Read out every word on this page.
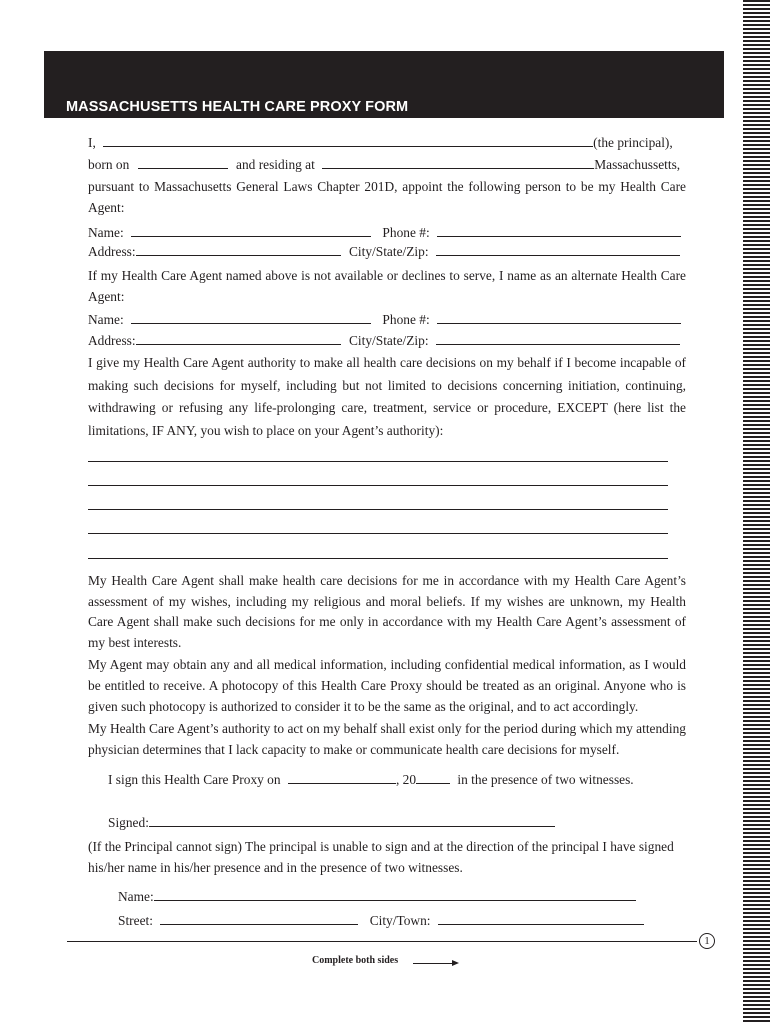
MASSACHUSETTS HEALTH CARE PROXY FORM
I,	(the principal),
born on	and residing at	Massachussetts,
pursuant to Massachusetts General Laws Chapter 201D, appoint the following person to be my Health Care Agent:
Name:	Phone #:
Address:	City/State/Zip:
If my Health Care Agent named above is not available or declines to serve, I name as an alternate Health Care Agent:
Name:	Phone #:
Address:	City/State/Zip:
I give my Health Care Agent authority to make all health care decisions on my behalf if I become incapable of making such decisions for myself, including but not limited to decisions concerning initiation, continuing, withdrawing or refusing any life-prolonging care, treatment, service or procedure, EXCEPT (here list the limitations, IF ANY, you wish to place on your Agent’s authority):
My Health Care Agent shall make health care decisions for me in accordance with my Health Care Agent’s assessment of my wishes, including my religious and moral beliefs. If my wishes are unknown, my Health Care Agent shall make such decisions for me only in accordance with my Health Care Agent’s assessment of my best interests.
My Agent may obtain any and all medical information, including confidential medical information, as I would be entitled to receive. A photocopy of this Health Care Proxy should be treated as an original. Anyone who is given such photocopy is authorized to consider it to be the same as the original, and to act accordingly.
My Health Care Agent’s authority to act on my behalf shall exist only for the period during which my attending physician determines that I lack capacity to make or communicate health care decisions for myself.
I sign this Health Care Proxy on	, 20	in the presence of two witnesses.
Signed:
(If the Principal cannot sign) The principal is unable to sign and at the direction of the principal I have signed his/her name in his/her presence and in the presence of two witnesses.
Name:
Street:	City/Town:
1
Complete both sides
